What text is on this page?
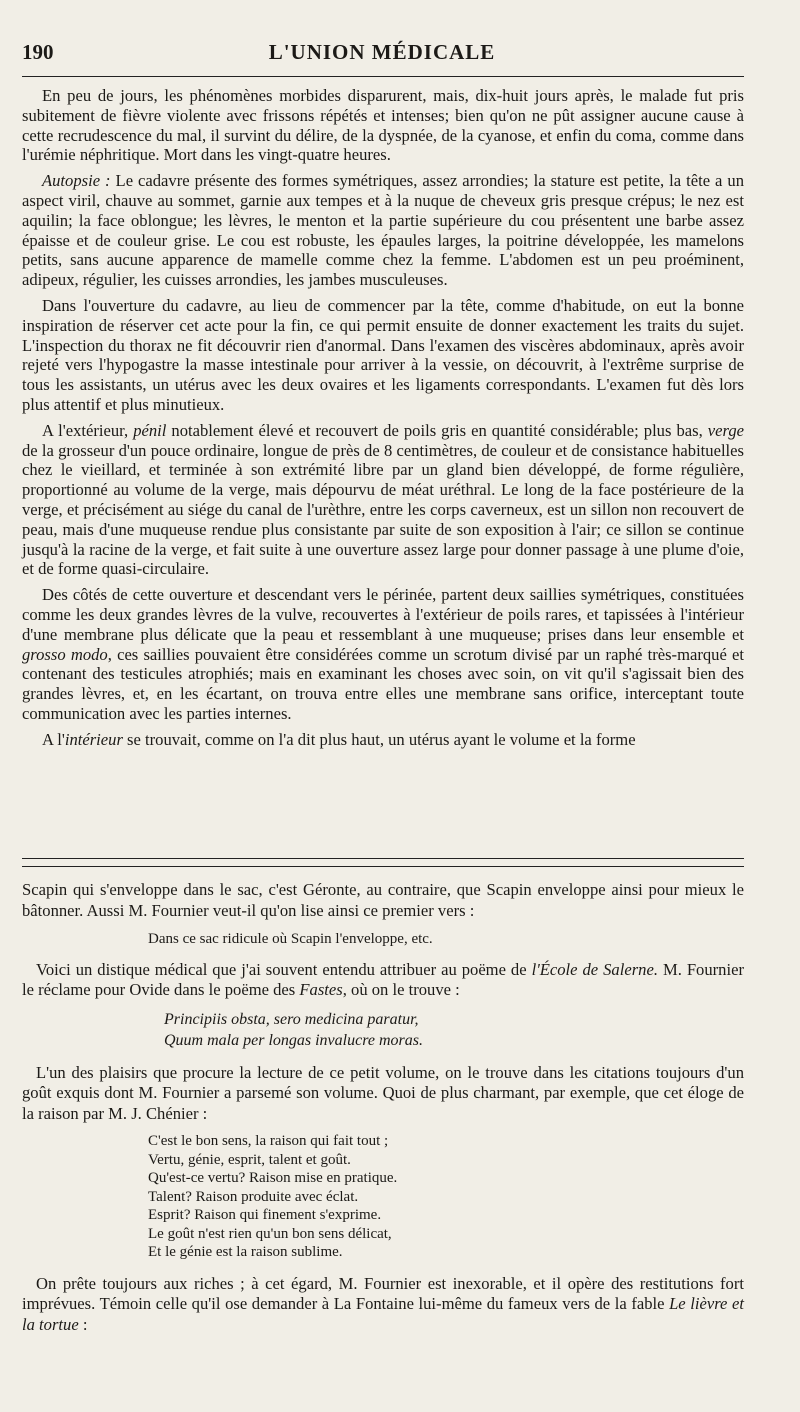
190	L'UNION MÉDICALE

En peu de jours, les phénomènes morbides disparurent, mais, dix-huit jours après, le malade fut pris subitement de fièvre violente avec frissons répétés et intenses; bien qu'on ne pût assigner aucune cause à cette recrudescence du mal, il survint du délire, de la dyspnée, de la cyanose, et enfin du coma, comme dans l'urémie néphritique. Mort dans les vingt-quatre heures.

Autopsie : Le cadavre présente des formes symétriques, assez arrondies; la stature est petite, la tête a un aspect viril, chauve au sommet, garnie aux tempes et à la nuque de cheveux gris presque crépus; le nez est aquilin; la face oblongue; les lèvres, le menton et la partie supérieure du cou présentent une barbe assez épaisse et de couleur grise. Le cou est robuste, les épaules larges, la poitrine développée, les mamelons petits, sans aucune apparence de mamelle comme chez la femme. L'abdomen est un peu proéminent, adipeux, régulier, les cuisses arrondies, les jambes musculeuses.

Dans l'ouverture du cadavre, au lieu de commencer par la tête, comme d'habitude, on eut la bonne inspiration de réserver cet acte pour la fin, ce qui permit ensuite de donner exactement les traits du sujet. L'inspection du thorax ne fit découvrir rien d'anormal. Dans l'examen des viscères abdominaux, après avoir rejeté vers l'hypogastre la masse intestinale pour arriver à la vessie, on découvrit, à l'extrême surprise de tous les assistants, un utérus avec les deux ovaires et les ligaments correspondants. L'examen fut dès lors plus attentif et plus minutieux.

A l'extérieur, pénil notablement élevé et recouvert de poils gris en quantité considérable; plus bas, verge de la grosseur d'un pouce ordinaire, longue de près de 8 centimètres, de couleur et de consistance habituelles chez le vieillard, et terminée à son extrémité libre par un gland bien développé, de forme régulière, proportionné au volume de la verge, mais dépourvu de méat uréthral. Le long de la face postérieure de la verge, et précisément au siége du canal de l'urèthre, entre les corps caverneux, est un sillon non recouvert de peau, mais d'une muqueuse rendue plus consistante par suite de son exposition à l'air; ce sillon se continue jusqu'à la racine de la verge, et fait suite à une ouverture assez large pour donner passage à une plume d'oie, et de forme quasi-circulaire.

Des côtés de cette ouverture et descendant vers le périnée, partent deux saillies symétriques, constituées comme les deux grandes lèvres de la vulve, recouvertes à l'extérieur de poils rares, et tapissées à l'intérieur d'une membrane plus délicate que la peau et ressemblant à une muqueuse; prises dans leur ensemble et grosso modo, ces saillies pouvaient être considérées comme un scrotum divisé par un raphé très-marqué et contenant des testicules atrophiés; mais en examinant les choses avec soin, on vit qu'il s'agissait bien des grandes lèvres, et, en les écartant, on trouva entre elles une membrane sans orifice, interceptant toute communication avec les parties internes.

A l'intérieur se trouvait, comme on l'a dit plus haut, un utérus ayant le volume et la forme

Scapin qui s'enveloppe dans le sac, c'est Géronte, au contraire, que Scapin enveloppe ainsi pour mieux le bâtonner. Aussi M. Fournier veut-il qu'on lise ainsi ce premier vers :

Dans ce sac ridicule où Scapin l'enveloppe, etc.

Voici un distique médical que j'ai souvent entendu attribuer au poëme de l'École de Salerne. M. Fournier le réclame pour Ovide dans le poëme des Fastes, où on le trouve :

Principiis obsta, sero medicina paratur,
Quum mala per longas invalucre moras.

L'un des plaisirs que procure la lecture de ce petit volume, on le trouve dans les citations toujours d'un goût exquis dont M. Fournier a parsemé son volume. Quoi de plus charmant, par exemple, que cet éloge de la raison par M. J. Chénier :

C'est le bon sens, la raison qui fait tout ;
Vertu, génie, esprit, talent et goût.
Qu'est-ce vertu? Raison mise en pratique.
Talent? Raison produite avec éclat.
Esprit? Raison qui finement s'exprime.
Le goût n'est rien qu'un bon sens délicat,
Et le génie est la raison sublime.

On prête toujours aux riches ; à cet égard, M. Fournier est inexorable, et il opère des restitutions fort imprévues. Témoin celle qu'il ose demander à La Fontaine lui-même du fameux vers de la fable Le lièvre et la tortue :
